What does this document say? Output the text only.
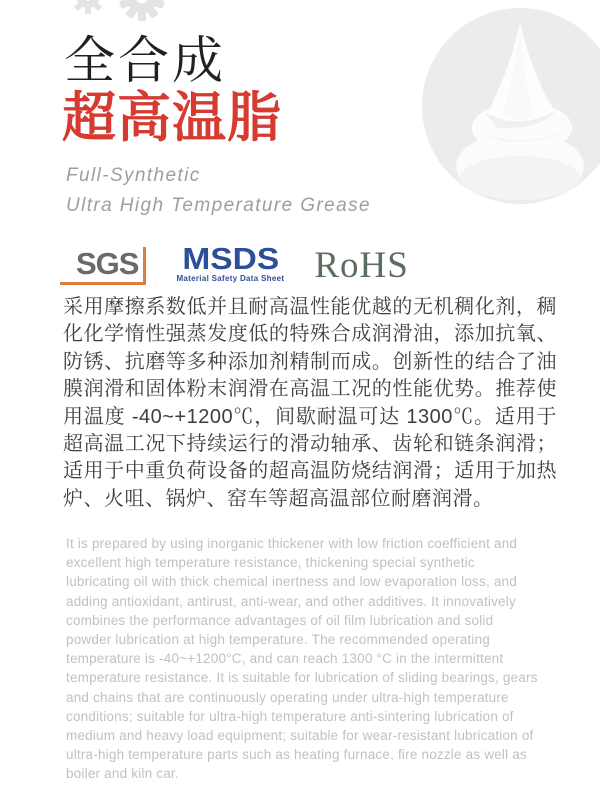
全合成
超高温脂
Full-Synthetic
Ultra High Temperature Grease
SGS MSDS
Material Safety Data Sheet RoHS

采用摩擦系数低并且耐高温性能优越的无机稠化剂，稠化化学惰性强蒸发度低的特殊合成润滑油，添加抗氧、防锈、抗磨等多种添加剂精制而成。创新性的结合了油膜润滑和固体粉末润滑在高温工况的性能优势。推荐使用温度 -40~+1200℃，间歇耐温可达 1300℃。适用于超高温工况下持续运行的滑动轴承、齿轮和链条润滑；适用于中重负荷设备的超高温防烧结润滑；适用于加热炉、火咀、锅炉、窑车等超高温部位耐磨润滑。

It is prepared by using inorganic thickener with low friction coefficient and excellent high temperature resistance, thickening special synthetic lubricating oil with thick chemical inertness and low evaporation loss, and adding antioxidant, antirust, anti-wear, and other additives. It innovatively combines the performance advantages of oil film lubrication and solid powder lubrication at high temperature. The recommended operating temperature is -40~+1200°C, and can reach 1300 °C in the intermittent temperature resistance. It is suitable for lubrication of sliding bearings, gears and chains that are continuously operating under ultra-high temperature conditions; suitable for ultra-high temperature anti-sintering lubrication of medium and heavy load equipment; suitable for wear-resistant lubrication of ultra-high temperature parts such as heating furnace, fire nozzle as well as boiler and kiln car.
